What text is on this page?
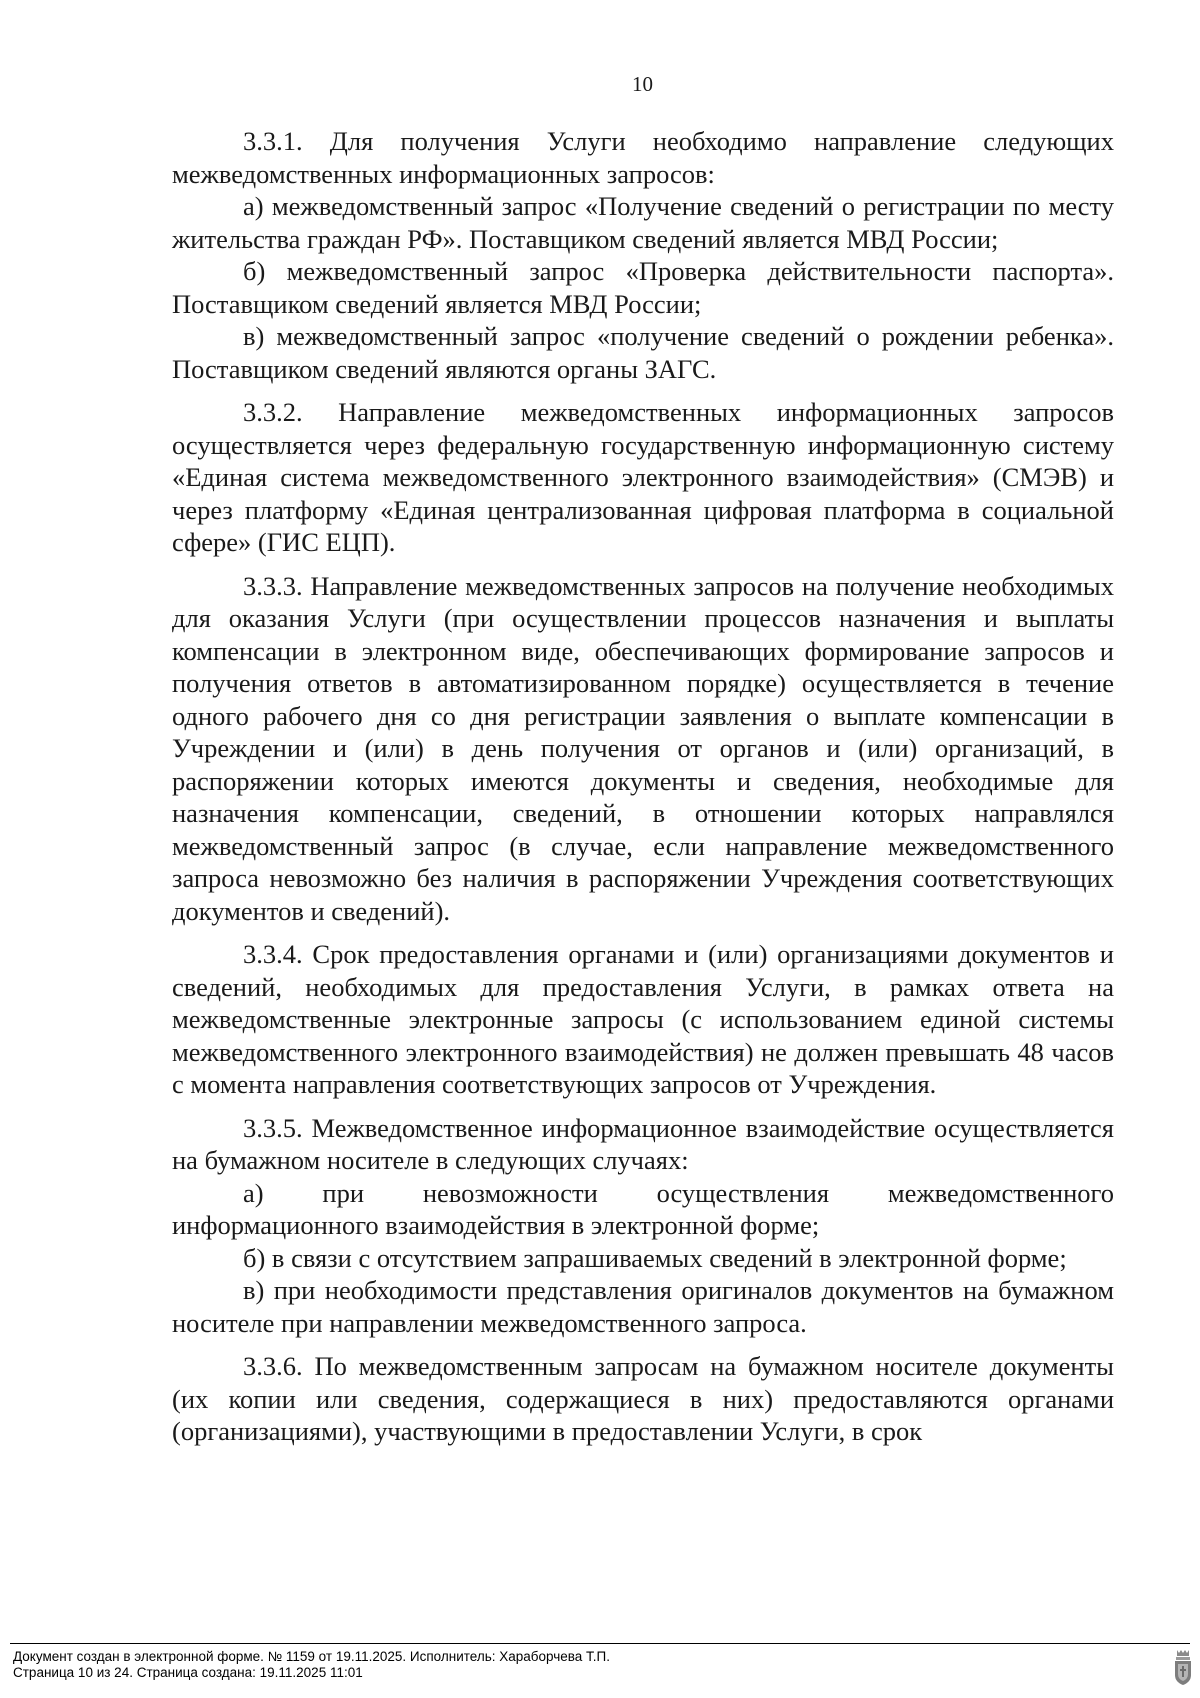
10

3.3.1. Для получения Услуги необходимо направление следующих межведомственных информационных запросов:

а) межведомственный запрос «Получение сведений о регистрации по месту жительства граждан РФ». Поставщиком сведений является МВД России;

б) межведомственный запрос «Проверка действительности паспорта». Поставщиком сведений является МВД России;

в) межведомственный запрос «получение сведений о рождении ребенка». Поставщиком сведений являются органы ЗАГС.

3.3.2. Направление межведомственных информационных запросов осуществляется через федеральную государственную информационную систему «Единая система межведомственного электронного взаимодействия» (СМЭВ) и через платформу «Единая централизованная цифровая платформа в социальной сфере» (ГИС ЕЦП).

3.3.3. Направление межведомственных запросов на получение необходимых для оказания Услуги (при осуществлении процессов назначения и выплаты компенсации в электронном виде, обеспечивающих формирование запросов и получения ответов в автоматизированном порядке) осуществляется в течение одного рабочего дня со дня регистрации заявления о выплате компенсации в Учреждении и (или) в день получения от органов и (или) организаций, в распоряжении которых имеются документы и сведения, необходимые для назначения компенсации, сведений, в отношении которых направлялся межведомственный запрос (в случае, если направление межведомственного запроса невозможно без наличия в распоряжении Учреждения соответствующих документов и сведений).

3.3.4. Срок предоставления органами и (или) организациями документов и сведений, необходимых для предоставления Услуги, в рамках ответа на межведомственные электронные запросы (с использованием единой системы межведомственного электронного взаимодействия) не должен превышать 48 часов с момента направления соответствующих запросов от Учреждения.

3.3.5. Межведомственное информационное взаимодействие осуществляется на бумажном носителе в следующих случаях:

а) при невозможности осуществления межведомственного информационного взаимодействия в электронной форме;

б) в связи с отсутствием запрашиваемых сведений в электронной форме;

в) при необходимости представления оригиналов документов на бумажном носителе при направлении межведомственного запроса.

3.3.6. По межведомственным запросам на бумажном носителе документы (их копии или сведения, содержащиеся в них) предоставляются органами (организациями), участвующими в предоставлении Услуги, в срок

Документ создан в электронной форме. № 1159 от 19.11.2025. Исполнитель: Хараборчева Т.П.
Страница 10 из 24. Страница создана: 19.11.2025 11:01
